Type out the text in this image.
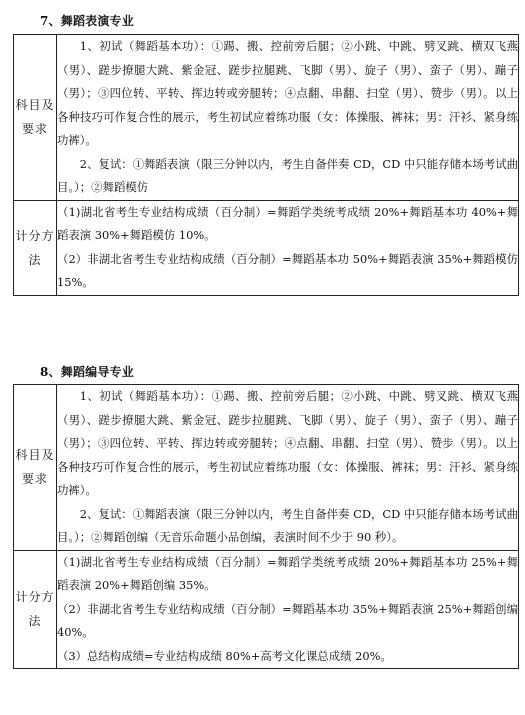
7、舞蹈表演专业
科目及要求	1、初试（舞蹈基本功）：①踢、搬、控前旁后腿；②小跳、中跳、劈叉跳、横双飞燕（男）、蹉步撩腿大跳、紫金冠、蹉步拉腿跳、飞脚（男）、旋子（男）、蛮子（男）、蹦子（男）；③四位转、平转、挥边转或旁腿转；④点翻、串翻、扫堂（男）、赞步（男）。以上各种技巧可作复合性的展示，考生初试应着练功服（女：体操服、裤袜；男：汗衫、紧身练功裤）。

2、复试：①舞蹈表演（限三分钟以内，考生自备伴奏 CD，CD 中只能存储本场考试曲目。）；②舞蹈模仿

计分方法	（1)湖北省考生专业结构成绩（百分制）=舞蹈学类统考成绩 20%+舞蹈基本功 40%+舞蹈表演 30%+舞蹈模仿 10%。

（2）非湖北省考生专业结构成绩（百分制）=舞蹈基本功 50%+舞蹈表演 35%+舞蹈模仿 15%。

8、舞蹈编导专业
科目及要求	1、初试（舞蹈基本功）：①踢、搬、控前旁后腿；②小跳、中跳、劈叉跳、横双飞燕（男）、蹉步撩腿大跳、紫金冠、蹉步拉腿跳、飞脚（男）、旋子（男）、蛮子（男）、蹦子（男）；③四位转、平转、挥边转或旁腿转；④点翻、串翻、扫堂（男）、赞步（男）。以上各种技巧可作复合性的展示，考生初试应着练功服（女：体操服、裤袜；男：汗衫、紧身练功裤）。

2、复试：①舞蹈表演（限三分钟以内，考生自备伴奏 CD，CD 中只能存储本场考试曲目。）；②舞蹈创编（无音乐命题小品创编，表演时间不少于 90 秒）。

计分方法	（1)湖北省考生专业结构成绩（百分制）=舞蹈学类统考成绩 20%+舞蹈基本功 25%+舞蹈表演 20%+舞蹈创编 35%。

（2）非湖北省考生专业结构成绩（百分制）=舞蹈基本功 35%+舞蹈表演 25%+舞蹈创编 40%。

（3）总结构成绩=专业结构成绩 80%+高考文化课总成绩 20%。
